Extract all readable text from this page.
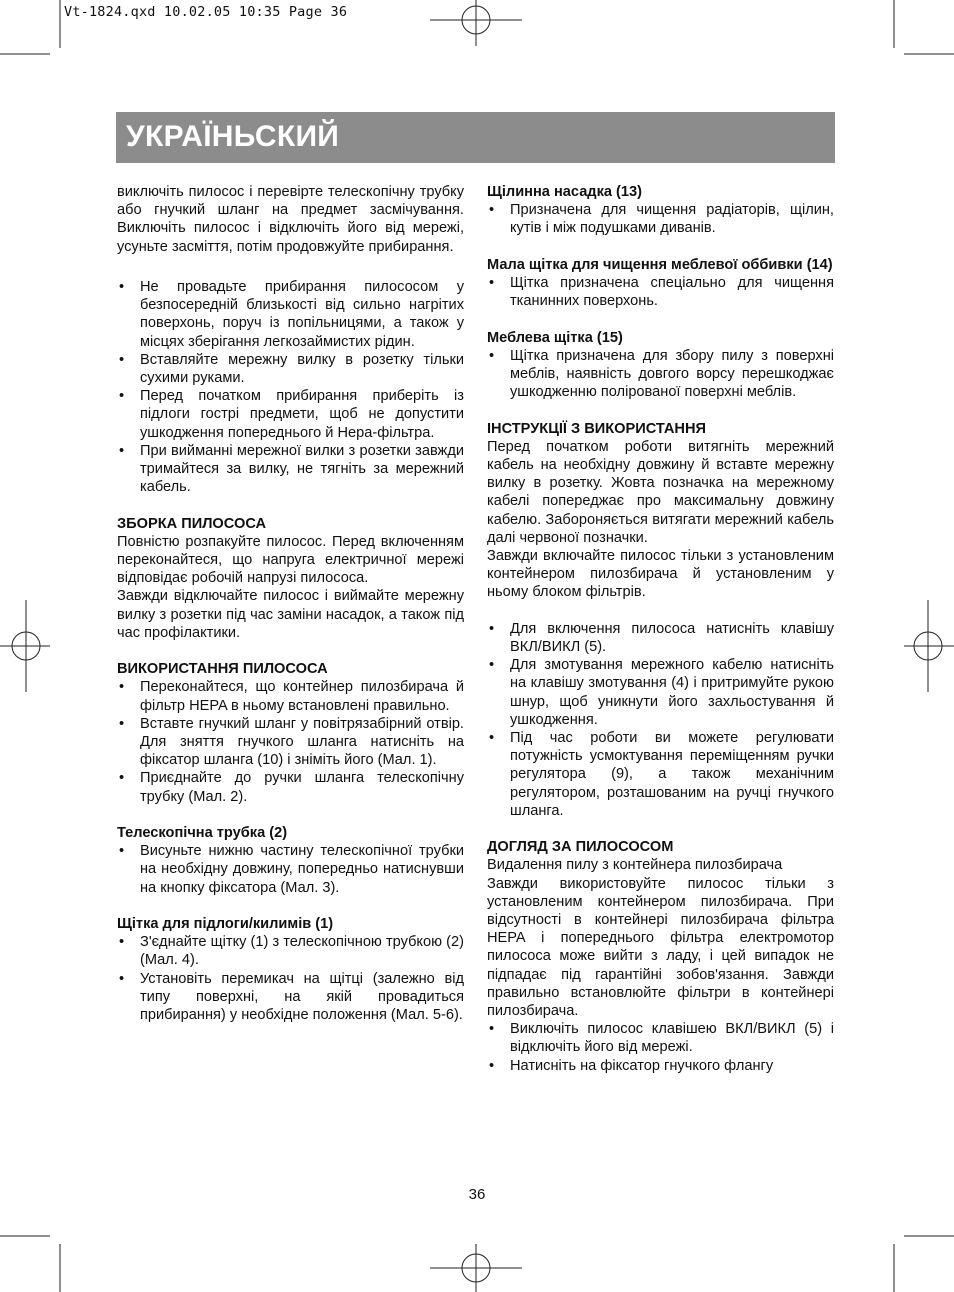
Vt-1824.qxd 10.02.05 10:35 Page 36
УКРАЇНЬСКИЙ

виключіть пилосос і перевірте телескопічну трубку або гнучкий шланг на предмет засмічування. Виключіть пилосос і відключіть його від мережі, усуньте засміття, потім продовжуйте прибирання.

• Не провадьте прибирання пилососом у безпосередній близькості від сильно нагрітих поверхонь, поруч із попільницями, а також у місцях зберігання легкозаймистих рідин.
• Вставляйте мережну вилку в розетку тільки сухими руками.
• Перед початком прибирання приберіть із підлоги гострі предмети, щоб не допустити ушкодження попереднього й Hepa-фільтра.
• При вийманні мережної вилки з розетки завжди тримайтеся за вилку, не тягніть за мережний кабель.

ЗБОРКА ПИЛОСОСА

Повністю розпакуйте пилосос. Перед включенням переконайтеся, що напруга електричної мережі відповідає робочій напрузі пилососа.

Завжди відключайте пилосос і виймайте мережну вилку з розетки під час заміни насадок, а також під час профілактики.

ВИКОРИСТАННЯ ПИЛОСОСА

• Переконайтеся, що контейнер пилозбирача й фільтр HEPA в ньому встановлені правильно.
• Вставте гнучкий шланг у повітрязабірний отвір. Для зняття гнучкого шланга натисніть на фіксатор шланга (10) і зніміть його (Мал. 1).
• Приєднайте до ручки шланга телескопічну трубку (Мал. 2).

Телескопічна трубка (2)

• Висуньте нижню частину телескопічної трубки на необхідну довжину, попередньо натиснувши на кнопку фіксатора (Мал. 3).

Щітка для підлоги/килимів (1)

• З'єднайте щітку (1) з телескопічною трубкою (2) (Мал. 4).
• Установіть перемикач на щітці (залежно від типу поверхні, на якій провадиться прибирання) у необхідне положення (Мал. 5-6).

Щілинна насадка (13)

• Призначена для чищення радіаторів, щілин, кутів і між подушками диванів.

Мала щітка для чищення меблевої оббивки (14)

• Щітка призначена спеціально для чищення тканинних поверхонь.

Меблева щітка (15)

• Щітка призначена для збору пилу з поверхні меблів, наявність довгого ворсу перешкоджає ушкодженню полірованої поверхні меблів.

ІНСТРУКЦІЇ З ВИКОРИСТАННЯ

Перед початком роботи витягніть мережний кабель на необхідну довжину й вставте мережну вилку в розетку. Жовта позначка на мережному кабелі попереджає про максимальну довжину кабелю. Забороняється витягати мережний кабель далі червоної позначки.

Завжди включайте пилосос тільки з установленим контейнером пилозбирача й установленим у ньому блоком фільтрів.

• Для включення пилососа натисніть клавішу ВКЛ/ВИКЛ (5).
• Для змотування мережного кабелю натисніть на клавішу змотування (4) і притримуйте рукою шнур, щоб уникнути його захльостування й ушкодження.
• Під час роботи ви можете регулювати потужність усмоктування переміщенням ручки регулятора (9), а також механічним регулятором, розташованим на ручці гнучкого шланга.

ДОГЛЯД ЗА ПИЛОСОСОМ

Видалення пилу з контейнера пилозбирача

Завжди використовуйте пилосос тільки з установленим контейнером пилозбирача. При відсутності в контейнері пилозбирача фільтра HEPA і попереднього фільтра електромотор пилососа може вийти з ладу, і цей випадок не підпадає під гарантійні зобов'язання. Завжди правильно встановлюйте фільтри в контейнері пилозбирача.

• Виключіть пилосос клавішею ВКЛ/ВИКЛ (5) і відключіть його від мережі.
• Натисніть на фіксатор гнучкого флангу
36
